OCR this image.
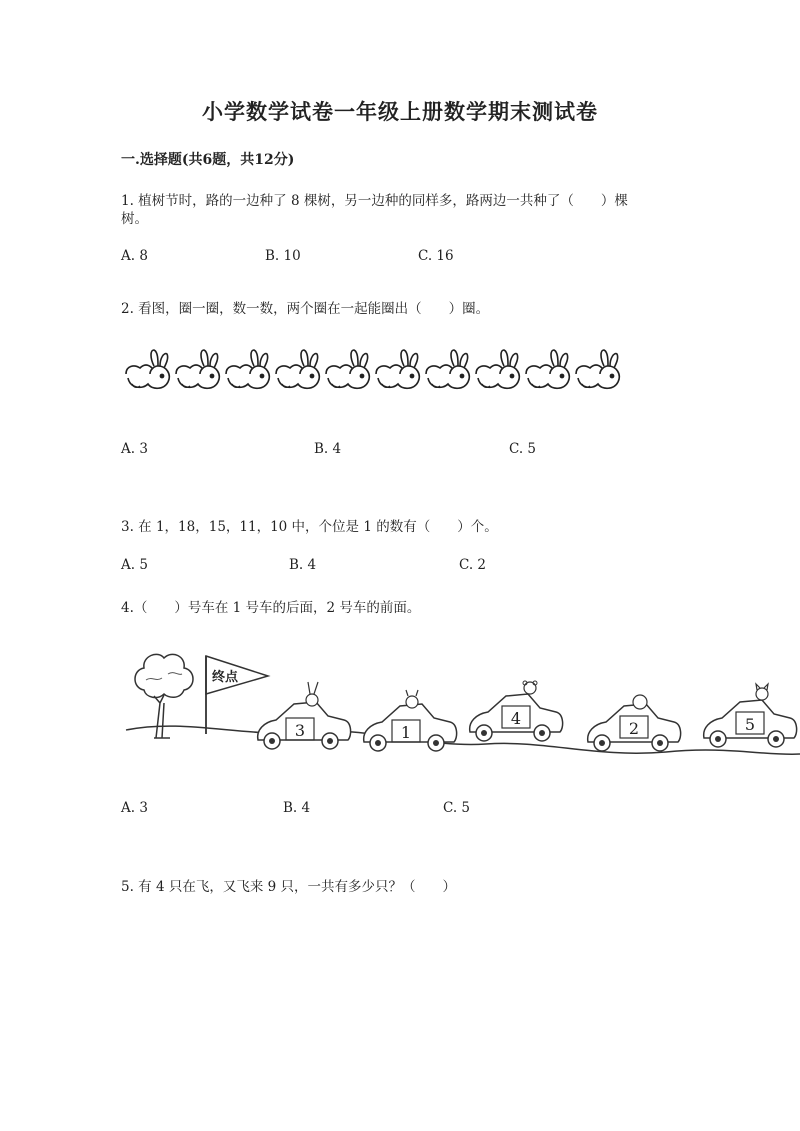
小学数学试卷一年级上册数学期末测试卷
一.选择题(共6题，共12分)
1. 植树节时，路的一边种了 8 棵树，另一边种的同样多，路两边一共种了（　　）棵
树。
A. 8	B. 10	C. 16
2. 看图，圈一圈，数一数，两个圈在一起能圈出（　　）圈。
A. 3	B. 4	C. 5
3. 在 1，18，15，11，10 中，个位是 1 的数有（　　）个。
A. 5	B. 4	C. 2
4.（　　）号车在 1 号车的后面，2 号车的前面。
终点
3	1
4
2	5
A. 3	B. 4	C. 5
5. 有 4 只在飞，又飞来 9 只，一共有多少只？（　　）
